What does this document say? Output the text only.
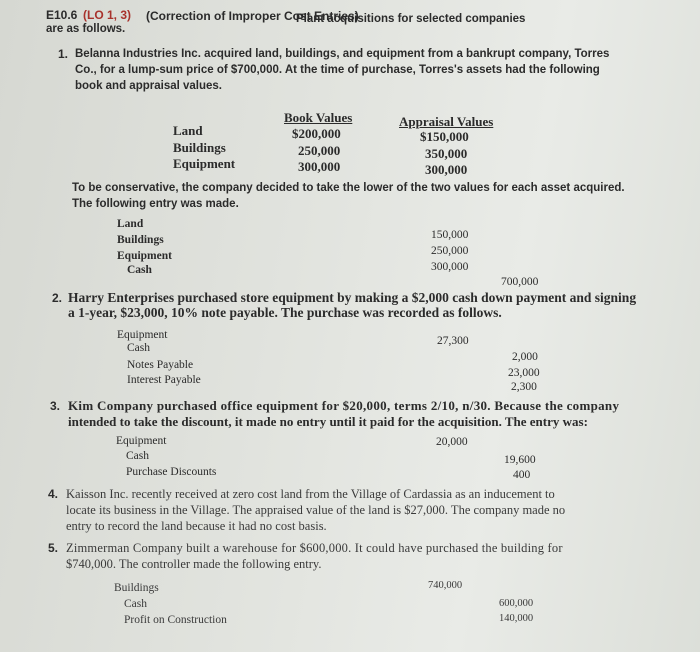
E10.6 (LO 1, 3) (Correction of Improper Cost Entries)
Plant acquisitions for selected companies
are as follows.
1. Belanna Industries Inc. acquired land, buildings, and equipment from a bankrupt company, Torres
Co., for a lump-sum price of $700,000. At the time of purchase, Torres's assets had the following
book and appraisal values.
Book Values	Appraisal Values
Land
Buildings
Equipment
$200,000
250,000
300,000
$150,000
350,000
300,000
To be conservative, the company decided to take the lower of the two values for each asset acquired.
The following entry was made.
Land
Buildings
Equipment
Cash
150,000
250,000
300,000
700,000
2. Harry Enterprises purchased store equipment by making a $2,000 cash down payment and signing
a 1-year, $23,000, 10% note payable. The purchase was recorded as follows.
Equipment
Cash
Notes Payable
Interest Payable
27,300
2,000
23,000
2,300
3. Kim Company purchased office equipment for $20,000, terms 2/10, n/30. Because the company
intended to take the discount, it made no entry until it paid for the acquisition. The entry was:
Equipment
Cash
Purchase Discounts
20,000
19,600
400
4. Kaisson Inc. recently received at zero cost land from the Village of Cardassia as an inducement to
locate its business in the Village. The appraised value of the land is $27,000. The company made no
entry to record the land because it had no cost basis.
5. Zimmerman Company built a warehouse for $600,000. It could have purchased the building for
$740,000. The controller made the following entry.
Buildings
Cash
Profit on Construction
740,000
600,000
140,000
